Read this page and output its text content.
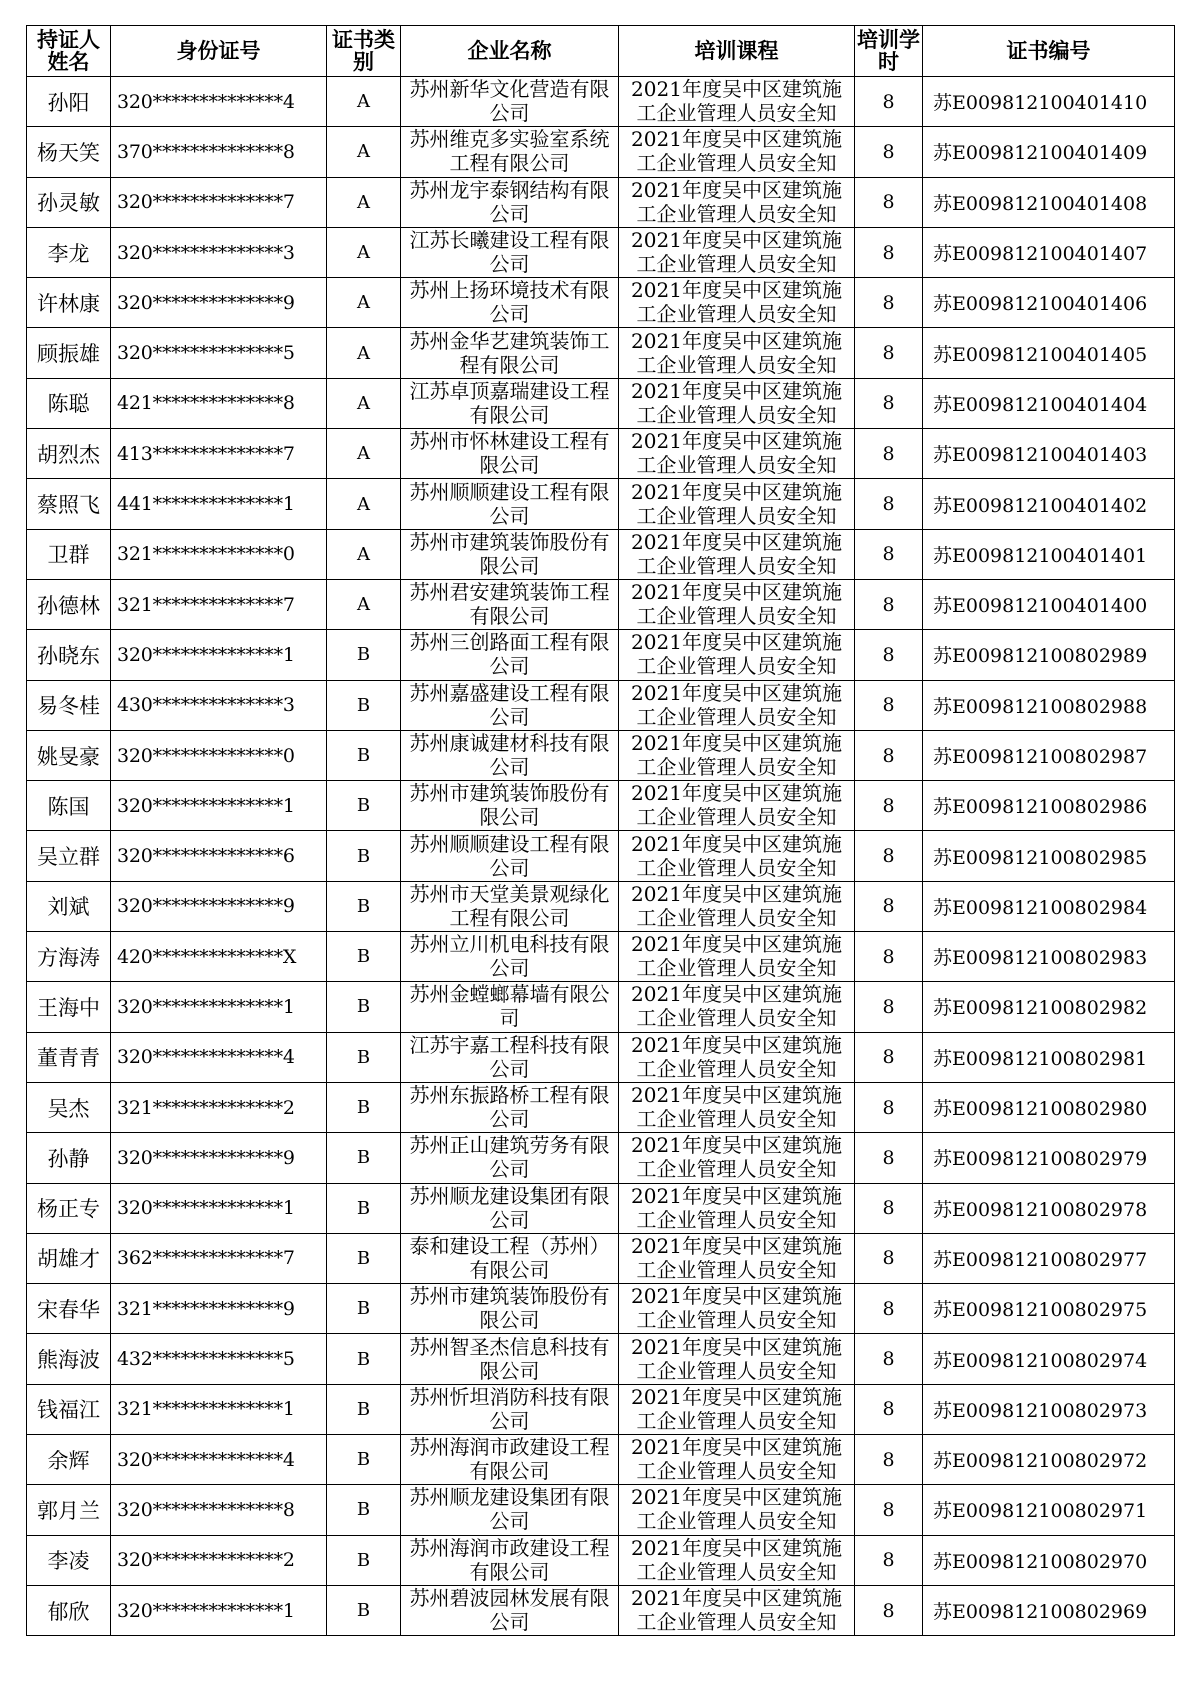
持证人姓名	身份证号	证书类别	企业名称	培训课程	培训学时	证书编号
孙阳	320**************4	A	苏州新华文化营造有限公司	2021年度吴中区建筑施工企业管理人员安全知	8	苏E009812100401410
杨天笑	370**************8	A	苏州维克多实验室系统工程有限公司	2021年度吴中区建筑施工企业管理人员安全知	8	苏E009812100401409
孙灵敏	320**************7	A	苏州龙宇泰钢结构有限公司	2021年度吴中区建筑施工企业管理人员安全知	8	苏E009812100401408
李龙	320**************3	A	江苏长曦建设工程有限公司	2021年度吴中区建筑施工企业管理人员安全知	8	苏E009812100401407
许林康	320**************9	A	苏州上扬环境技术有限公司	2021年度吴中区建筑施工企业管理人员安全知	8	苏E009812100401406
顾振雄	320**************5	A	苏州金华艺建筑装饰工程有限公司	2021年度吴中区建筑施工企业管理人员安全知	8	苏E009812100401405
陈聪	421**************8	A	江苏卓顶嘉瑞建设工程有限公司	2021年度吴中区建筑施工企业管理人员安全知	8	苏E009812100401404
胡烈杰	413**************7	A	苏州市怀林建设工程有限公司	2021年度吴中区建筑施工企业管理人员安全知	8	苏E009812100401403
蔡照飞	441**************1	A	苏州顺顺建设工程有限公司	2021年度吴中区建筑施工企业管理人员安全知	8	苏E009812100401402
卫群	321**************0	A	苏州市建筑装饰股份有限公司	2021年度吴中区建筑施工企业管理人员安全知	8	苏E009812100401401
孙德林	321**************7	A	苏州君安建筑装饰工程有限公司	2021年度吴中区建筑施工企业管理人员安全知	8	苏E009812100401400
孙晓东	320**************1	B	苏州三创路面工程有限公司	2021年度吴中区建筑施工企业管理人员安全知	8	苏E009812100802989
易冬桂	430**************3	B	苏州嘉盛建设工程有限公司	2021年度吴中区建筑施工企业管理人员安全知	8	苏E009812100802988
姚旻豪	320**************0	B	苏州康诚建材科技有限公司	2021年度吴中区建筑施工企业管理人员安全知	8	苏E009812100802987
陈国	320**************1	B	苏州市建筑装饰股份有限公司	2021年度吴中区建筑施工企业管理人员安全知	8	苏E009812100802986
吴立群	320**************6	B	苏州顺顺建设工程有限公司	2021年度吴中区建筑施工企业管理人员安全知	8	苏E009812100802985
刘斌	320**************9	B	苏州市天堂美景观绿化工程有限公司	2021年度吴中区建筑施工企业管理人员安全知	8	苏E009812100802984
方海涛	420**************X	B	苏州立川机电科技有限公司	2021年度吴中区建筑施工企业管理人员安全知	8	苏E009812100802983
王海中	320**************1	B	苏州金螳螂幕墙有限公司	2021年度吴中区建筑施工企业管理人员安全知	8	苏E009812100802982
董青青	320**************4	B	江苏宇嘉工程科技有限公司	2021年度吴中区建筑施工企业管理人员安全知	8	苏E009812100802981
吴杰	321**************2	B	苏州东振路桥工程有限公司	2021年度吴中区建筑施工企业管理人员安全知	8	苏E009812100802980
孙静	320**************9	B	苏州正山建筑劳务有限公司	2021年度吴中区建筑施工企业管理人员安全知	8	苏E009812100802979
杨正专	320**************1	B	苏州顺龙建设集团有限公司	2021年度吴中区建筑施工企业管理人员安全知	8	苏E009812100802978
胡雄才	362**************7	B	泰和建设工程（苏州）有限公司	2021年度吴中区建筑施工企业管理人员安全知	8	苏E009812100802977
宋春华	321**************9	B	苏州市建筑装饰股份有限公司	2021年度吴中区建筑施工企业管理人员安全知	8	苏E009812100802975
熊海波	432**************5	B	苏州智圣杰信息科技有限公司	2021年度吴中区建筑施工企业管理人员安全知	8	苏E009812100802974
钱福江	321**************1	B	苏州忻坦消防科技有限公司	2021年度吴中区建筑施工企业管理人员安全知	8	苏E009812100802973
余辉	320**************4	B	苏州海润市政建设工程有限公司	2021年度吴中区建筑施工企业管理人员安全知	8	苏E009812100802972
郭月兰	320**************8	B	苏州顺龙建设集团有限公司	2021年度吴中区建筑施工企业管理人员安全知	8	苏E009812100802971
李凌	320**************2	B	苏州海润市政建设工程有限公司	2021年度吴中区建筑施工企业管理人员安全知	8	苏E009812100802970
郁欣	320**************1	B	苏州碧波园林发展有限公司	2021年度吴中区建筑施工企业管理人员安全知	8	苏E009812100802969
